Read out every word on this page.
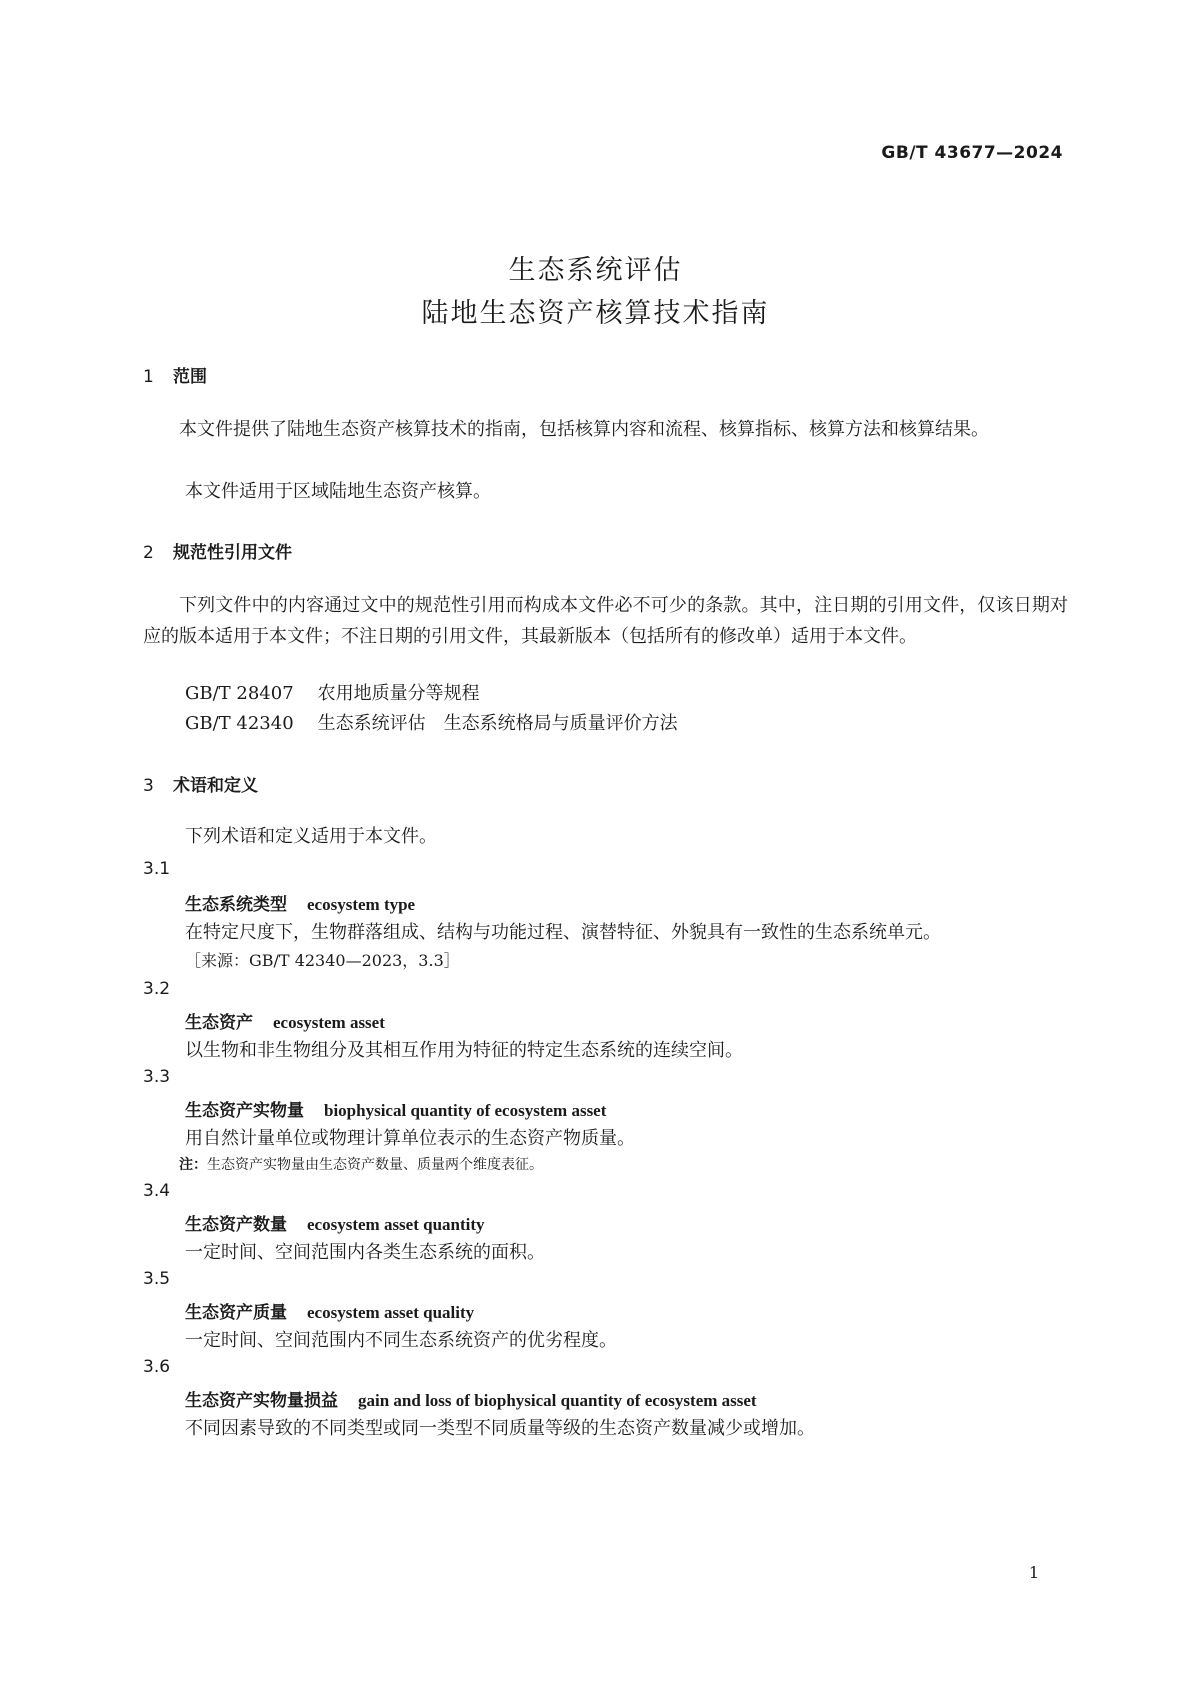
GB/T 43677—2024
生态系统评估
陆地生态资产核算技术指南
1 范围
本文件提供了陆地生态资产核算技术的指南，包括核算内容和流程、核算指标、核算方法和核算结果。
本文件适用于区域陆地生态资产核算。
2 规范性引用文件
下列文件中的内容通过文中的规范性引用而构成本文件必不可少的条款。其中，注日期的引用文件，仅该日期对应的版本适用于本文件；不注日期的引用文件，其最新版本（包括所有的修改单）适用于本文件。
GB/T 28407 农用地质量分等规程
GB/T 42340 生态系统评估　生态系统格局与质量评价方法
3 术语和定义
下列术语和定义适用于本文件。
3.1
生态系统类型 ecosystem type
在特定尺度下，生物群落组成、结构与功能过程、演替特征、外貌具有一致性的生态系统单元。
［来源：GB/T 42340—2023，3.3］
3.2
生态资产 ecosystem asset
以生物和非生物组分及其相互作用为特征的特定生态系统的连续空间。
3.3
生态资产实物量 biophysical quantity of ecosystem asset
用自然计量单位或物理计算单位表示的生态资产物质量。
注：生态资产实物量由生态资产数量、质量两个维度表征。
3.4
生态资产数量 ecosystem asset quantity
一定时间、空间范围内各类生态系统的面积。
3.5
生态资产质量 ecosystem asset quality
一定时间、空间范围内不同生态系统资产的优劣程度。
3.6
生态资产实物量损益 gain and loss of biophysical quantity of ecosystem asset
不同因素导致的不同类型或同一类型不同质量等级的生态资产数量减少或增加。
1
